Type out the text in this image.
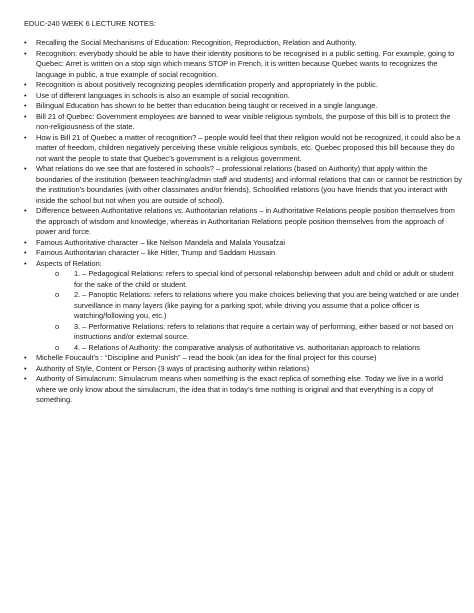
EDUC-240 WEEK 6 LECTURE NOTES:
• Recalling the Social Mechanisms of Education: Recognition, Reproduction, Relation and Authority.
• Recognition: everybody should be able to have their identity positions to be recognised in a public setting. For example, going to Quebec: Arret is written on a stop sign which means STOP in French, it is written because Quebec wants to recognizes the language in public, a true example of social recognition.
• Recognition is about positively recognizing peoples identification properly and appropriately in the public.
• Use of different languages in schools is also an example of social recognition.
• Bilingual Education has shown to be better than education being taught or received in a single language.
• Bill 21 of Quebec: Government employees are banned to wear visible religious symbols, the purpose of this bill is to protect the non-religiousness of the state.
• How is Bill 21 of Quebec a matter of recognition? – people would feel that their religion would not be recognized, it could also be a matter of freedom, children negatively perceiving these visible religious symbols, etc. Quebec proposed this bill because they do not want the people to state that Quebec’s government is a religious government.
• What relations do we see that are fostered in schools? – professional relations (based on Authority) that apply within the boundaries of the institution (between teaching/admin staff and students) and informal relations that can or cannot be restriction by the institution’s boundaries (with other classmates and/or friends), Schoolified relations (you have friends that you interact with inside the school but not when you are outside of school).
• Difference between Authoritative relations vs. Authoritarian relations – in Authoritative Relations people position themselves from the approach of wisdom and knowledge, whereas in Authoritarian Relations people position themselves from the approach of power and force.
• Famous Authoritative character – like Nelson Mandela and Malala Yousafzai
• Famous Authoritarian character – like Hitler, Trump and Saddam Hussain
• Aspects of Relation:
o 1. – Pedagogical Relations: refers to special kind of personal relationship between adult and child or adult or student for the sake of the child or student.
o 2. – Panoptic Relations: refers to relations where you make choices believing that you are being watched or are under surveillance in many layers (like paying for a parking spot, while driving you assume that a police officer is watching/following you, etc.)
o 3. – Performative Relations: refers to relations that require a certain way of performing, either based or not based on instructions and/or external source.
o 4. – Relations of Authority: the comparative analysis of authoritative vs. authoritarian approach to relations
• Michelle Foucault’s : “Discipline and Punish” – read the book (an idea for the final project for this course)
• Authority of Style, Content or Person (3 ways of practising authority within relations)
• Authority of Simulacrum: Simulacrum means when something is the exact replica of something else. Today we live in a world where we only know about the simulacrum, the idea that in today’s time nothing is original and that everything is a copy of something.
